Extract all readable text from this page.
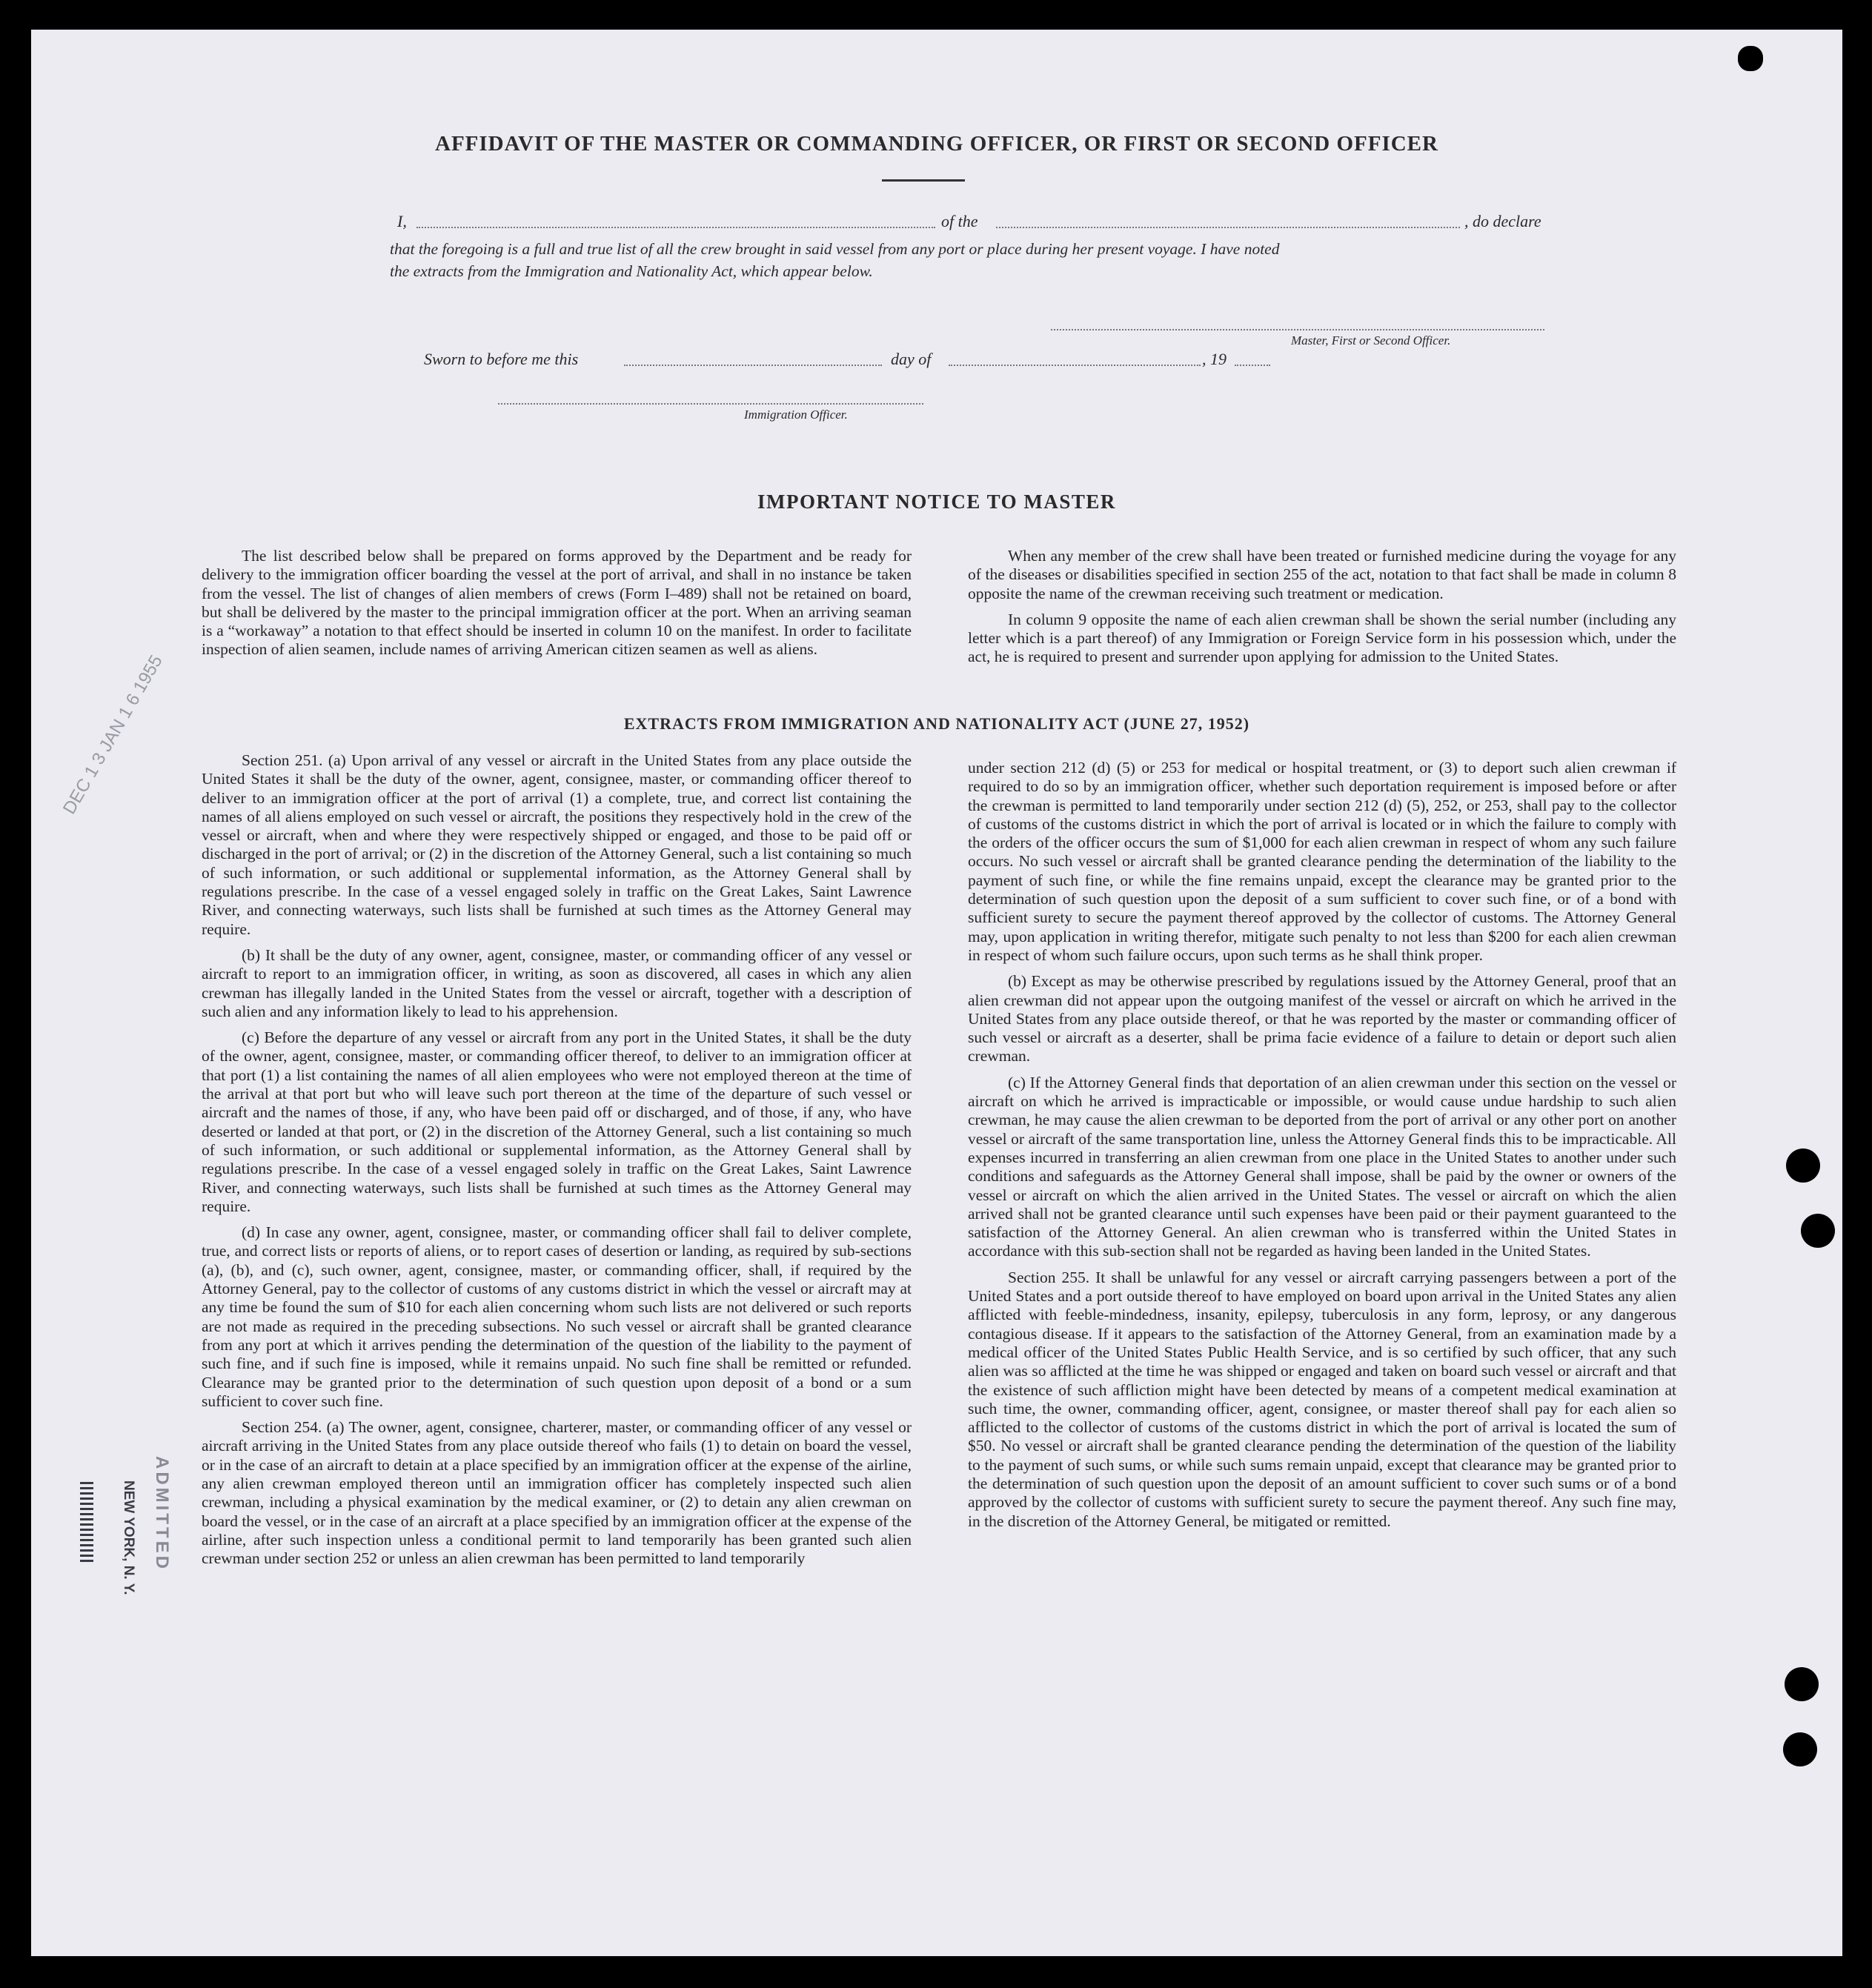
AFFIDAVIT OF THE MASTER OR COMMANDING OFFICER, OR FIRST OR SECOND OFFICER
I,	of the	, do declare
that the foregoing is a full and true list of all the crew brought in said vessel from any port or place during her present voyage. I have noted
the extracts from the Immigration and Nationality Act, which appear below.
Master, First or Second Officer.
Sworn to before me this	day of	, 19
Immigration Officer.
IMPORTANT NOTICE TO MASTER

The list described below shall be prepared on forms approved by the Department and be ready for delivery to the immigration officer boarding the vessel at the port of arrival, and shall in no instance be taken from the vessel. The list of changes of alien members of crews (Form I–489) shall not be retained on board, but shall be delivered by the master to the principal immigration officer at the port. When an arriving seaman is a “workaway” a notation to that effect should be inserted in column 10 on the manifest. In order to facilitate inspection of alien seamen, include names of arriving American citizen seamen as well as aliens.

When any member of the crew shall have been treated or furnished medicine during the voyage for any of the diseases or disabilities specified in section 255 of the act, notation to that fact shall be made in column 8 opposite the name of the crewman receiving such treatment or medication.

In column 9 opposite the name of each alien crewman shall be shown the serial number (including any letter which is a part thereof) of any Immigration or Foreign Service form in his possession which, under the act, he is required to present and surrender upon applying for admission to the United States.

EXTRACTS FROM IMMIGRATION AND NATIONALITY ACT (JUNE 27, 1952)

Section 251. (a) Upon arrival of any vessel or aircraft in the United States from any place outside the United States it shall be the duty of the owner, agent, consignee, master, or commanding officer thereof to deliver to an immigration officer at the port of arrival (1) a complete, true, and correct list containing the names of all aliens employed on such vessel or aircraft, the positions they respectively hold in the crew of the vessel or aircraft, when and where they were respectively shipped or engaged, and those to be paid off or discharged in the port of arrival; or (2) in the discretion of the Attorney General, such a list containing so much of such information, or such additional or supplemental information, as the Attorney General shall by regulations prescribe. In the case of a vessel engaged solely in traffic on the Great Lakes, Saint Lawrence River, and connecting waterways, such lists shall be furnished at such times as the Attorney General may require.

(b) It shall be the duty of any owner, agent, consignee, master, or commanding officer of any vessel or aircraft to report to an immigration officer, in writing, as soon as discovered, all cases in which any alien crewman has illegally landed in the United States from the vessel or aircraft, together with a description of such alien and any information likely to lead to his apprehension.

(c) Before the departure of any vessel or aircraft from any port in the United States, it shall be the duty of the owner, agent, consignee, master, or commanding officer thereof, to deliver to an immigration officer at that port (1) a list containing the names of all alien employees who were not employed thereon at the time of the arrival at that port but who will leave such port thereon at the time of the departure of such vessel or aircraft and the names of those, if any, who have been paid off or discharged, and of those, if any, who have deserted or landed at that port, or (2) in the discretion of the Attorney General, such a list containing so much of such information, or such additional or supplemental information, as the Attorney General shall by regulations prescribe. In the case of a vessel engaged solely in traffic on the Great Lakes, Saint Lawrence River, and connecting waterways, such lists shall be furnished at such times as the Attorney General may require.

(d) In case any owner, agent, consignee, master, or commanding officer shall fail to deliver complete, true, and correct lists or reports of aliens, or to report cases of desertion or landing, as required by sub-sections (a), (b), and (c), such owner, agent, consignee, master, or commanding officer, shall, if required by the Attorney General, pay to the collector of customs of any customs district in which the vessel or aircraft may at any time be found the sum of $10 for each alien concerning whom such lists are not delivered or such reports are not made as required in the preceding subsections. No such vessel or aircraft shall be granted clearance from any port at which it arrives pending the determination of the question of the liability to the payment of such fine, and if such fine is imposed, while it remains unpaid. No such fine shall be remitted or refunded. Clearance may be granted prior to the determination of such question upon deposit of a bond or a sum sufficient to cover such fine.

Section 254. (a) The owner, agent, consignee, charterer, master, or commanding officer of any vessel or aircraft arriving in the United States from any place outside thereof who fails (1) to detain on board the vessel, or in the case of an aircraft to detain at a place specified by an immigration officer at the expense of the airline, any alien crewman employed thereon until an immigration officer has completely inspected such alien crewman, including a physical examination by the medical examiner, or (2) to detain any alien crewman on board the vessel, or in the case of an aircraft at a place specified by an immigration officer at the expense of the airline, after such inspection unless a conditional permit to land temporarily has been granted such alien crewman under section 252 or unless an alien crewman has been permitted to land temporarily

under section 212 (d) (5) or 253 for medical or hospital treatment, or (3) to deport such alien crewman if required to do so by an immigration officer, whether such deportation requirement is imposed before or after the crewman is permitted to land temporarily under section 212 (d) (5), 252, or 253, shall pay to the collector of customs of the customs district in which the port of arrival is located or in which the failure to comply with the orders of the officer occurs the sum of $1,000 for each alien crewman in respect of whom any such failure occurs. No such vessel or aircraft shall be granted clearance pending the determination of the liability to the payment of such fine, or while the fine remains unpaid, except the clearance may be granted prior to the determination of such question upon the deposit of a sum sufficient to cover such fine, or of a bond with sufficient surety to secure the payment thereof approved by the collector of customs. The Attorney General may, upon application in writing therefor, mitigate such penalty to not less than $200 for each alien crewman in respect of whom such failure occurs, upon such terms as he shall think proper.

(b) Except as may be otherwise prescribed by regulations issued by the Attorney General, proof that an alien crewman did not appear upon the outgoing manifest of the vessel or aircraft on which he arrived in the United States from any place outside thereof, or that he was reported by the master or commanding officer of such vessel or aircraft as a deserter, shall be prima facie evidence of a failure to detain or deport such alien crewman.

(c) If the Attorney General finds that deportation of an alien crewman under this section on the vessel or aircraft on which he arrived is impracticable or impossible, or would cause undue hardship to such alien crewman, he may cause the alien crewman to be deported from the port of arrival or any other port on another vessel or aircraft of the same transportation line, unless the Attorney General finds this to be impracticable. All expenses incurred in transferring an alien crewman from one place in the United States to another under such conditions and safeguards as the Attorney General shall impose, shall be paid by the owner or owners of the vessel or aircraft on which the alien arrived in the United States. The vessel or aircraft on which the alien arrived shall not be granted clearance until such expenses have been paid or their payment guaranteed to the satisfaction of the Attorney General. An alien crewman who is transferred within the United States in accordance with this sub-section shall not be regarded as having been landed in the United States.

Section 255. It shall be unlawful for any vessel or aircraft carrying passengers between a port of the United States and a port outside thereof to have employed on board upon arrival in the United States any alien afflicted with feeble-mindedness, insanity, epilepsy, tuberculosis in any form, leprosy, or any dangerous contagious disease. If it appears to the satisfaction of the Attorney General, from an examination made by a medical officer of the United States Public Health Service, and is so certified by such officer, that any such alien was so afflicted at the time he was shipped or engaged and taken on board such vessel or aircraft and that the existence of such affliction might have been detected by means of a competent medical examination at such time, the owner, commanding officer, agent, consignee, or master thereof shall pay for each alien so afflicted to the collector of customs of the customs district in which the port of arrival is located the sum of $50. No vessel or aircraft shall be granted clearance pending the determination of the question of the liability to the payment of such sums, or while such sums remain unpaid, except that clearance may be granted prior to the determination of such question upon the deposit of an amount sufficient to cover such sums or of a bond approved by the collector of customs with sufficient surety to secure the payment thereof. Any such fine may, in the discretion of the Attorney General, be mitigated or remitted.

DEC 1 3 JAN 1 6 1955
ADMITTED
NEW YORK, N. Y.
